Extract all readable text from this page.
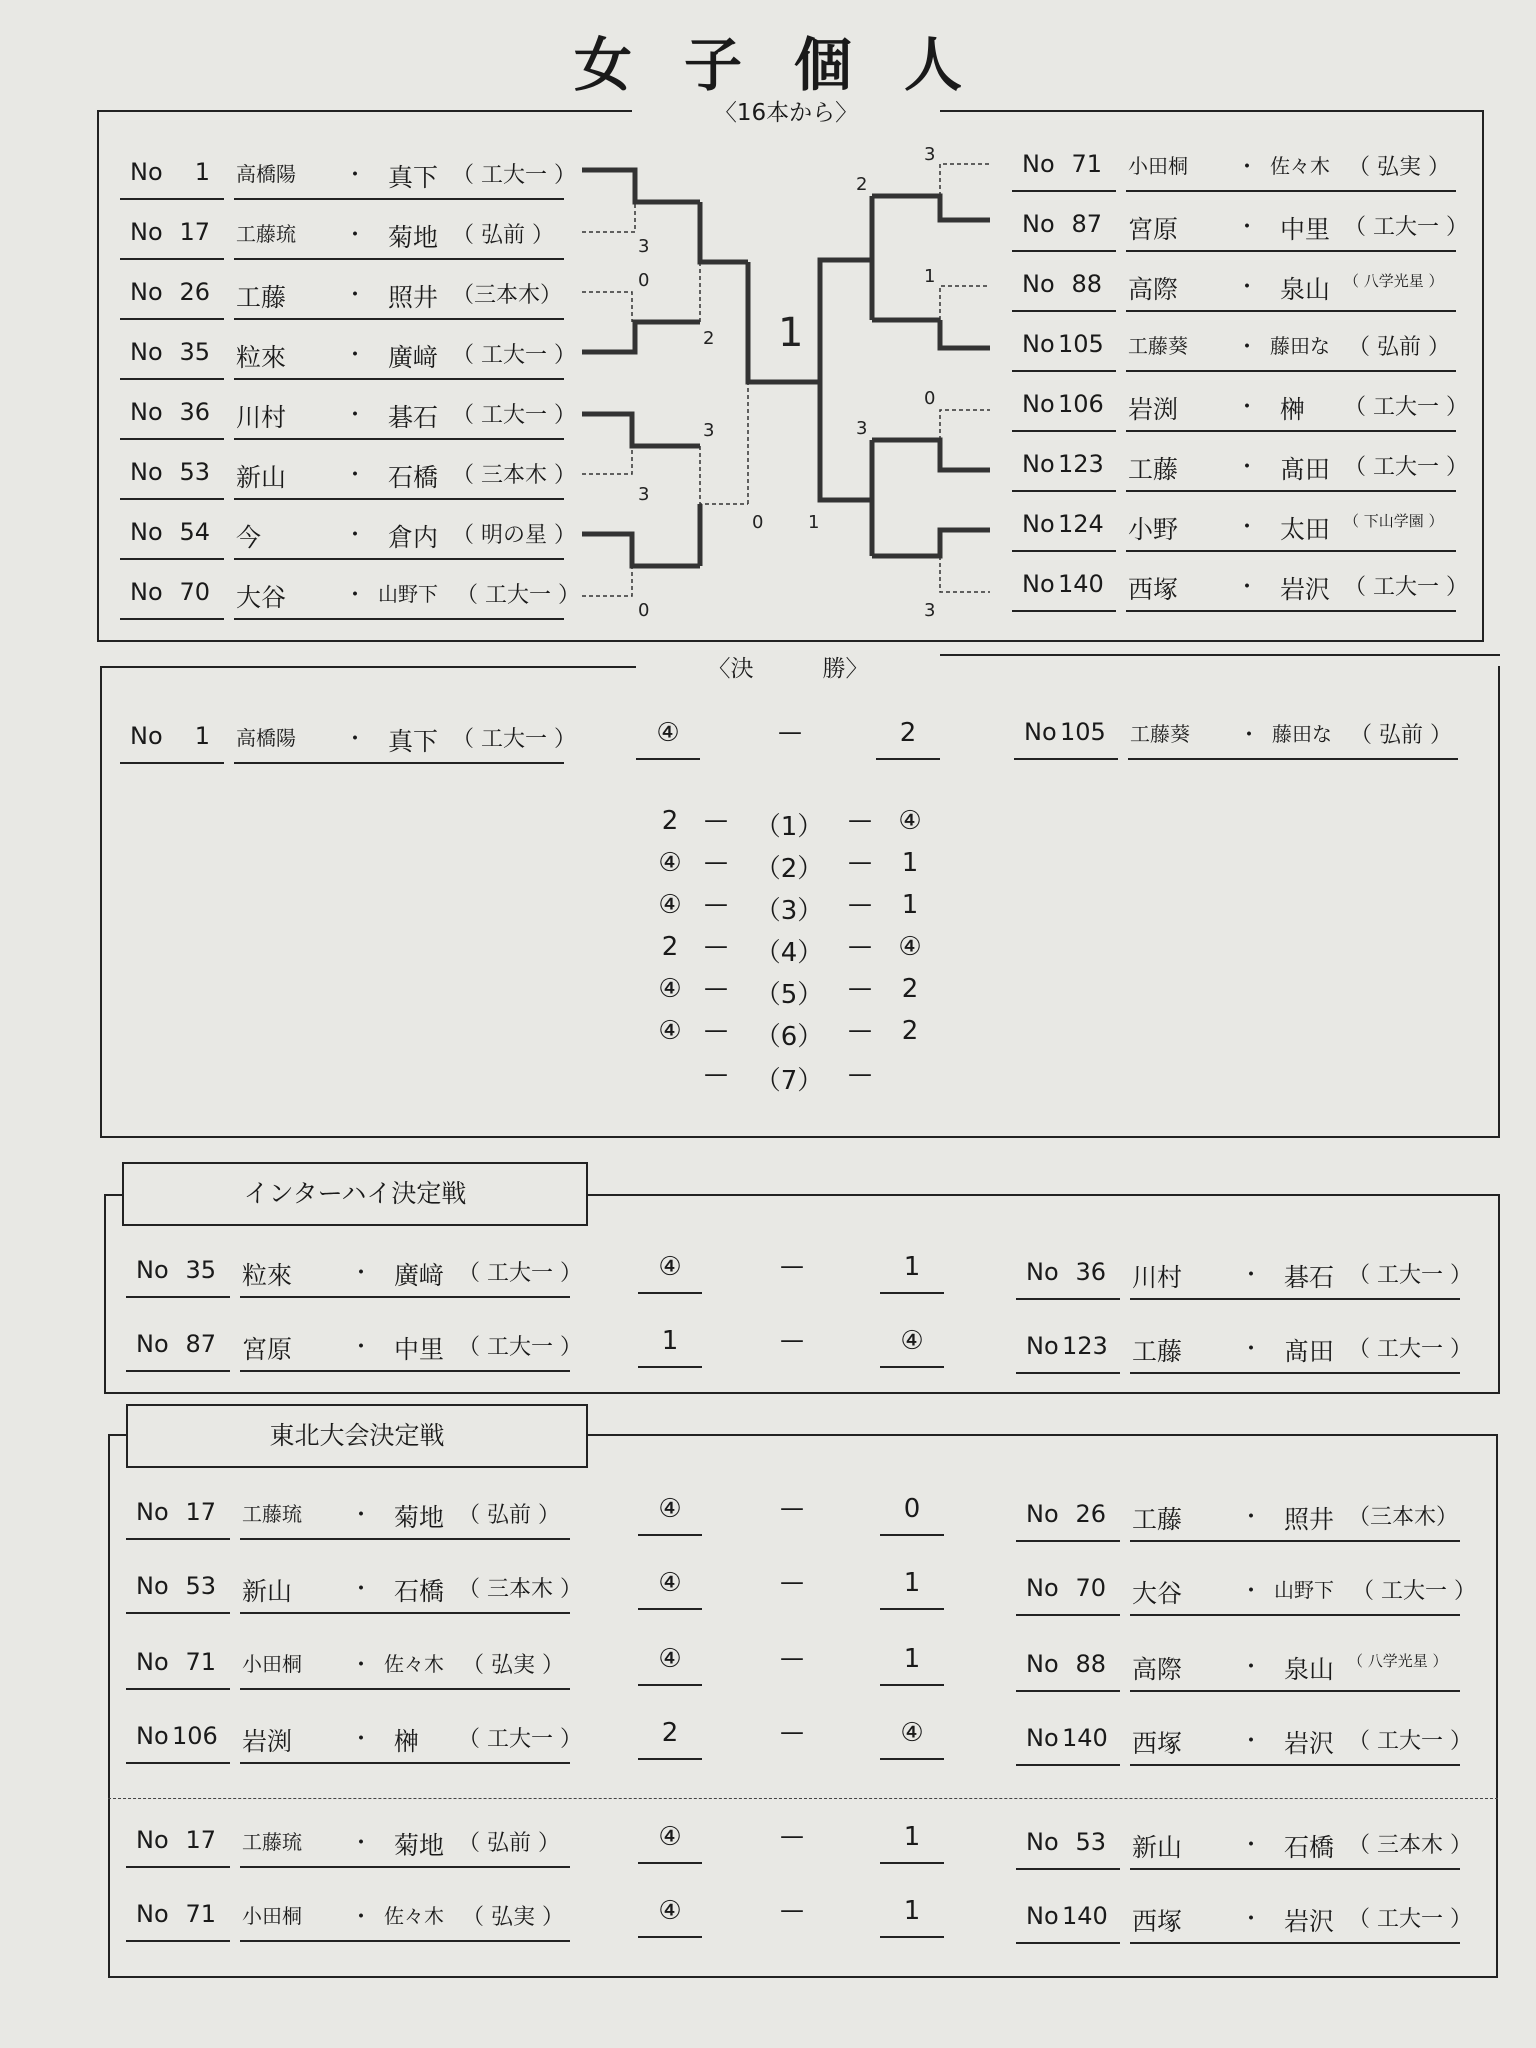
女子個人
〈16本から〉
No	1 高橋陽 ・ 真下 （ 工大一 ）
No 17 工藤琉 ・ 菊地 （ 弘前 ）
No 26 工藤	・ 照井 （三本木）
No 35 粒來	・ 廣﨑 （ 工大一 ）
No 36 川村	・ 碁石 （ 工大一 ）
No 53 新山	・ 石橋 （ 三本木 ）
No 54 今	・ 倉内 （ 明の星 ）
No 70 大谷	・ 山野下 （ 工大一 ）
No 71 小田桐 ・ 佐々木 （ 弘実 ）
No 87 宮原	・ 中里 （ 工大一 ）
No 88 高際	・ 泉山 （ 八学光星 ）
No 105 工藤葵 ・ 藤田な （ 弘前 ）
No 106 岩渕	・ 榊 （ 工大一 ）
No 123 工藤	・ 髙田 （ 工大一 ）
No 124 小野	・ 太田 （ 下山学園 ）
No 140 西塚	・ 岩沢 （ 工大一 ）
3
0
2
3
3
0
0
3
2
1
0
3
1
3
1
〈決　　　勝〉
No	1 高橋陽 ・ 真下 （ 工大一 ）	No 105 工藤葵 ・ 藤田な （ 弘前 ）
④	—	2
2	—	（1）	—	④
④ —	（2）	—	1
④ —	（3）	—	1
2	—	（4）	—	④
④ —	（5）	—	2
④ —	（6）	—	2
—	（7）	—
インターハイ決定戦
No 35 粒來	・ 廣﨑 （ 工大一 ）	No 36 川村	・ 碁石 （ 工大一 ）
④	—	1
No 87 宮原	・ 中里 （ 工大一 ）	No 123 工藤	・ 髙田 （ 工大一 ）
1	—	④
東北大会決定戦
No 17 工藤琉 ・ 菊地 （ 弘前 ）	No 26 工藤	・ 照井 （三本木）
④	—	0
No 53 新山	・ 石橋 （ 三本木 ）	No 70 大谷	・ 山野下 （ 工大一 ）
④	—	1
No 71 小田桐 ・ 佐々木 （ 弘実 ）	No 88 高際	・ 泉山 （ 八学光星 ）
④	—	1
No 106 岩渕	・ 榊 （ 工大一 ）	No 140 西塚	・ 岩沢 （ 工大一 ）
2	—	④
No 17 工藤琉 ・ 菊地 （ 弘前 ）	No 53 新山	・ 石橋 （ 三本木 ）
④	—	1
No 71 小田桐 ・ 佐々木 （ 弘実 ）	No 140 西塚	・ 岩沢 （ 工大一 ）
④	—	1
